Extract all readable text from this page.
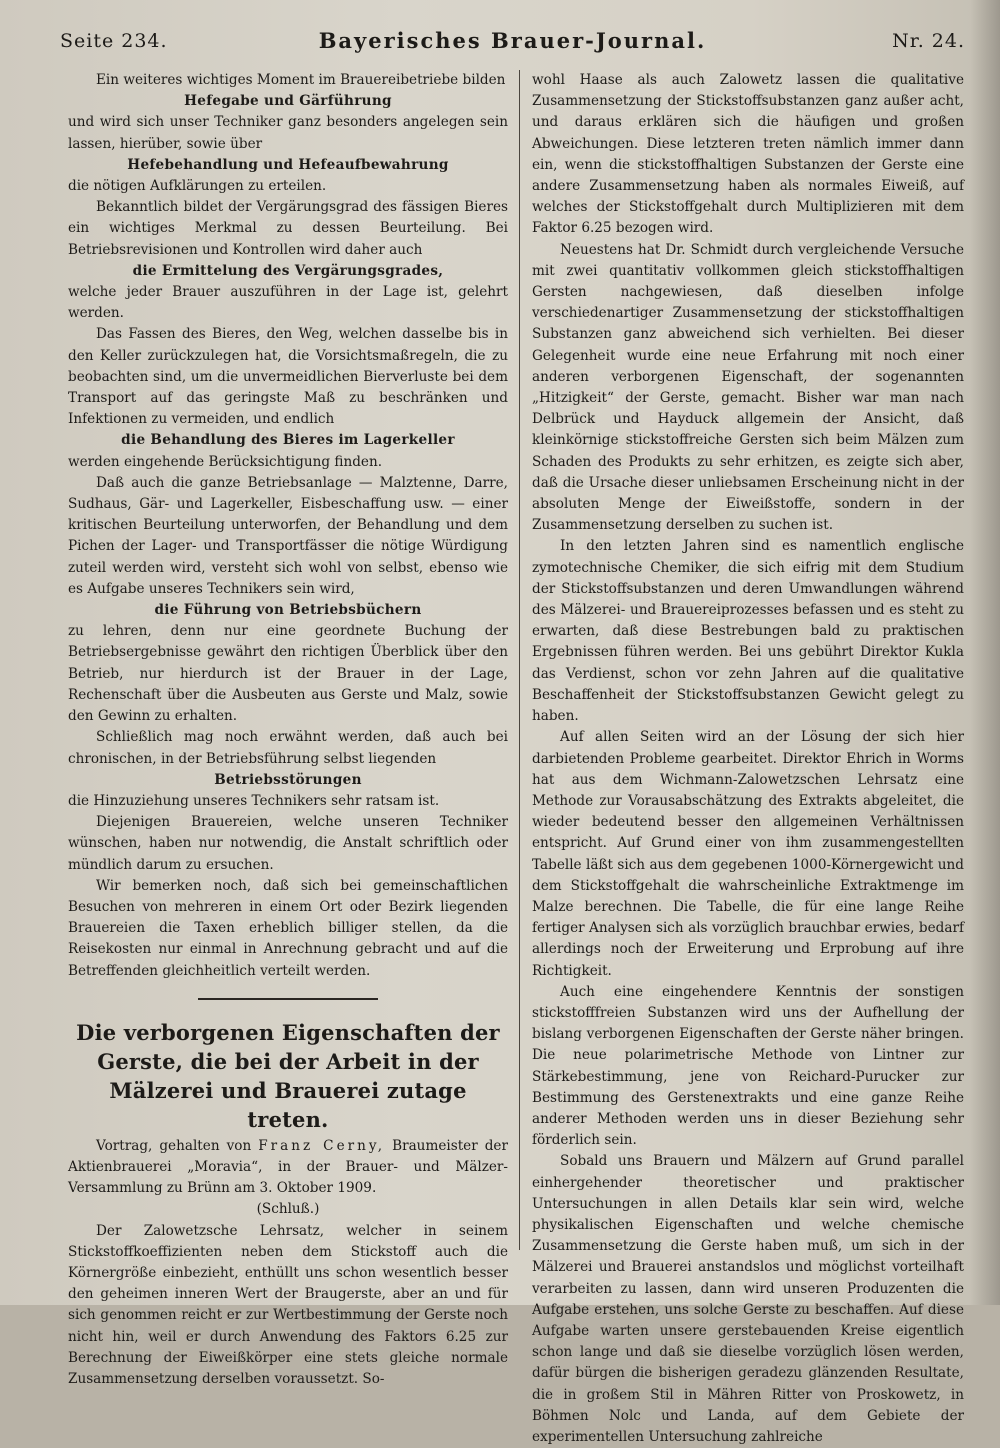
Seite 234.	Bayerisches Brauer-Journal.	Nr. 24.

Ein weiteres wichtiges Moment im Brauereibetriebe bilden

Hefegabe und Gärführung

und wird sich unser Techniker ganz besonders angelegen sein lassen, hierüber, sowie über

Hefebehandlung und Hefeaufbewahrung

die nötigen Aufklärungen zu erteilen.

Bekanntlich bildet der Vergärungsgrad des fässigen Bieres ein wichtiges Merkmal zu dessen Beurteilung. Bei Betriebsrevisionen und Kontrollen wird daher auch

die Ermittelung des Vergärungsgrades,

welche jeder Brauer auszuführen in der Lage ist, gelehrt werden.

Das Fassen des Bieres, den Weg, welchen dasselbe bis in den Keller zurückzulegen hat, die Vorsichtsmaßregeln, die zu beobachten sind, um die unvermeidlichen Bierverluste bei dem Transport auf das geringste Maß zu beschränken und Infektionen zu vermeiden, und endlich

die Behandlung des Bieres im Lagerkeller

werden eingehende Berücksichtigung finden.

Daß auch die ganze Betriebsanlage — Malztenne, Darre, Sudhaus, Gär- und Lagerkeller, Eisbeschaffung usw. — einer kritischen Beurteilung unterworfen, der Behandlung und dem Pichen der Lager- und Transportfässer die nötige Würdigung zuteil werden wird, versteht sich wohl von selbst, ebenso wie es Aufgabe unseres Technikers sein wird,

die Führung von Betriebsbüchern

zu lehren, denn nur eine geordnete Buchung der Betriebsergebnisse gewährt den richtigen Überblick über den Betrieb, nur hierdurch ist der Brauer in der Lage, Rechenschaft über die Ausbeuten aus Gerste und Malz, sowie den Gewinn zu erhalten.

Schließlich mag noch erwähnt werden, daß auch bei chronischen, in der Betriebsführung selbst liegenden

Betriebsstörungen

die Hinzuziehung unseres Technikers sehr ratsam ist.

Diejenigen Brauereien, welche unseren Techniker wünschen, haben nur notwendig, die Anstalt schriftlich oder mündlich darum zu ersuchen.

Wir bemerken noch, daß sich bei gemeinschaftlichen Besuchen von mehreren in einem Ort oder Bezirk liegenden Brauereien die Taxen erheblich billiger stellen, da die Reisekosten nur einmal in Anrechnung gebracht und auf die Betreffenden gleichheitlich verteilt werden.

Die verborgenen Eigenschaften der Gerste, die bei der Arbeit in der Mälzerei und Brauerei zutage treten.

Vortrag, gehalten von Franz Cerny, Braumeister der Aktienbrauerei „Moravia“, in der Brauer- und Mälzer-Versammlung zu Brünn am 3. Oktober 1909.

(Schluß.)

Der Zalowetzsche Lehrsatz, welcher in seinem Stickstoffkoeffizienten neben dem Stickstoff auch die Körnergröße einbezieht, enthüllt uns schon wesentlich besser den geheimen inneren Wert der Braugerste, aber an und für sich genommen reicht er zur Wertbestimmung der Gerste noch nicht hin, weil er durch Anwendung des Faktors 6.25 zur Berechnung der Eiweißkörper eine stets gleiche normale Zusammensetzung derselben voraussetzt. So-

wohl Haase als auch Zalowetz lassen die qualitative Zusammensetzung der Stickstoffsubstanzen ganz außer acht, und daraus erklären sich die häufigen und großen Abweichungen. Diese letzteren treten nämlich immer dann ein, wenn die stickstoffhaltigen Substanzen der Gerste eine andere Zusammensetzung haben als normales Eiweiß, auf welches der Stickstoffgehalt durch Multiplizieren mit dem Faktor 6.25 bezogen wird.

Neuestens hat Dr. Schmidt durch vergleichende Versuche mit zwei quantitativ vollkommen gleich stickstoffhaltigen Gersten nachgewiesen, daß dieselben infolge verschiedenartiger Zusammensetzung der stickstoffhaltigen Substanzen ganz abweichend sich verhielten. Bei dieser Gelegenheit wurde eine neue Erfahrung mit noch einer anderen verborgenen Eigenschaft, der sogenannten „Hitzigkeit“ der Gerste, gemacht. Bisher war man nach Delbrück und Hayduck allgemein der Ansicht, daß kleinkörnige stickstoffreiche Gersten sich beim Mälzen zum Schaden des Produkts zu sehr erhitzen, es zeigte sich aber, daß die Ursache dieser unliebsamen Erscheinung nicht in der absoluten Menge der Eiweißstoffe, sondern in der Zusammensetzung derselben zu suchen ist.

In den letzten Jahren sind es namentlich englische zymotechnische Chemiker, die sich eifrig mit dem Studium der Stickstoffsubstanzen und deren Umwandlungen während des Mälzerei- und Brauereiprozesses befassen und es steht zu erwarten, daß diese Bestrebungen bald zu praktischen Ergebnissen führen werden. Bei uns gebührt Direktor Kukla das Verdienst, schon vor zehn Jahren auf die qualitative Beschaffenheit der Stickstoffsubstanzen Gewicht gelegt zu haben.

Auf allen Seiten wird an der Lösung der sich hier darbietenden Probleme gearbeitet. Direktor Ehrich in Worms hat aus dem Wichmann-Zalowetzschen Lehrsatz eine Methode zur Vorausabschätzung des Extrakts abgeleitet, die wieder bedeutend besser den allgemeinen Verhältnissen entspricht. Auf Grund einer von ihm zusammengestellten Tabelle läßt sich aus dem gegebenen 1000-Körnergewicht und dem Stickstoffgehalt die wahrscheinliche Extraktmenge im Malze berechnen. Die Tabelle, die für eine lange Reihe fertiger Analysen sich als vorzüglich brauchbar erwies, bedarf allerdings noch der Erweiterung und Erprobung auf ihre Richtigkeit.

Auch eine eingehendere Kenntnis der sonstigen stickstofffreien Substanzen wird uns der Aufhellung der bislang verborgenen Eigenschaften der Gerste näher bringen. Die neue polarimetrische Methode von Lintner zur Stärkebestimmung, jene von Reichard-Purucker zur Bestimmung des Gerstenextrakts und eine ganze Reihe anderer Methoden werden uns in dieser Beziehung sehr förderlich sein.

Sobald uns Brauern und Mälzern auf Grund parallel einhergehender theoretischer und praktischer Untersuchungen in allen Details klar sein wird, welche physikalischen Eigenschaften und welche chemische Zusammensetzung die Gerste haben muß, um sich in der Mälzerei und Brauerei anstandslos und möglichst vorteilhaft verarbeiten zu lassen, dann wird unseren Produzenten die Aufgabe erstehen, uns solche Gerste zu beschaffen. Auf diese Aufgabe warten unsere gerstebauenden Kreise eigentlich schon lange und daß sie dieselbe vorzüglich lösen werden, dafür bürgen die bisherigen geradezu glänzenden Resultate, die in großem Stil in Mähren Ritter von Proskowetz, in Böhmen Nolc und Landa, auf dem Gebiete der experimentellen Untersuchung zahlreiche
